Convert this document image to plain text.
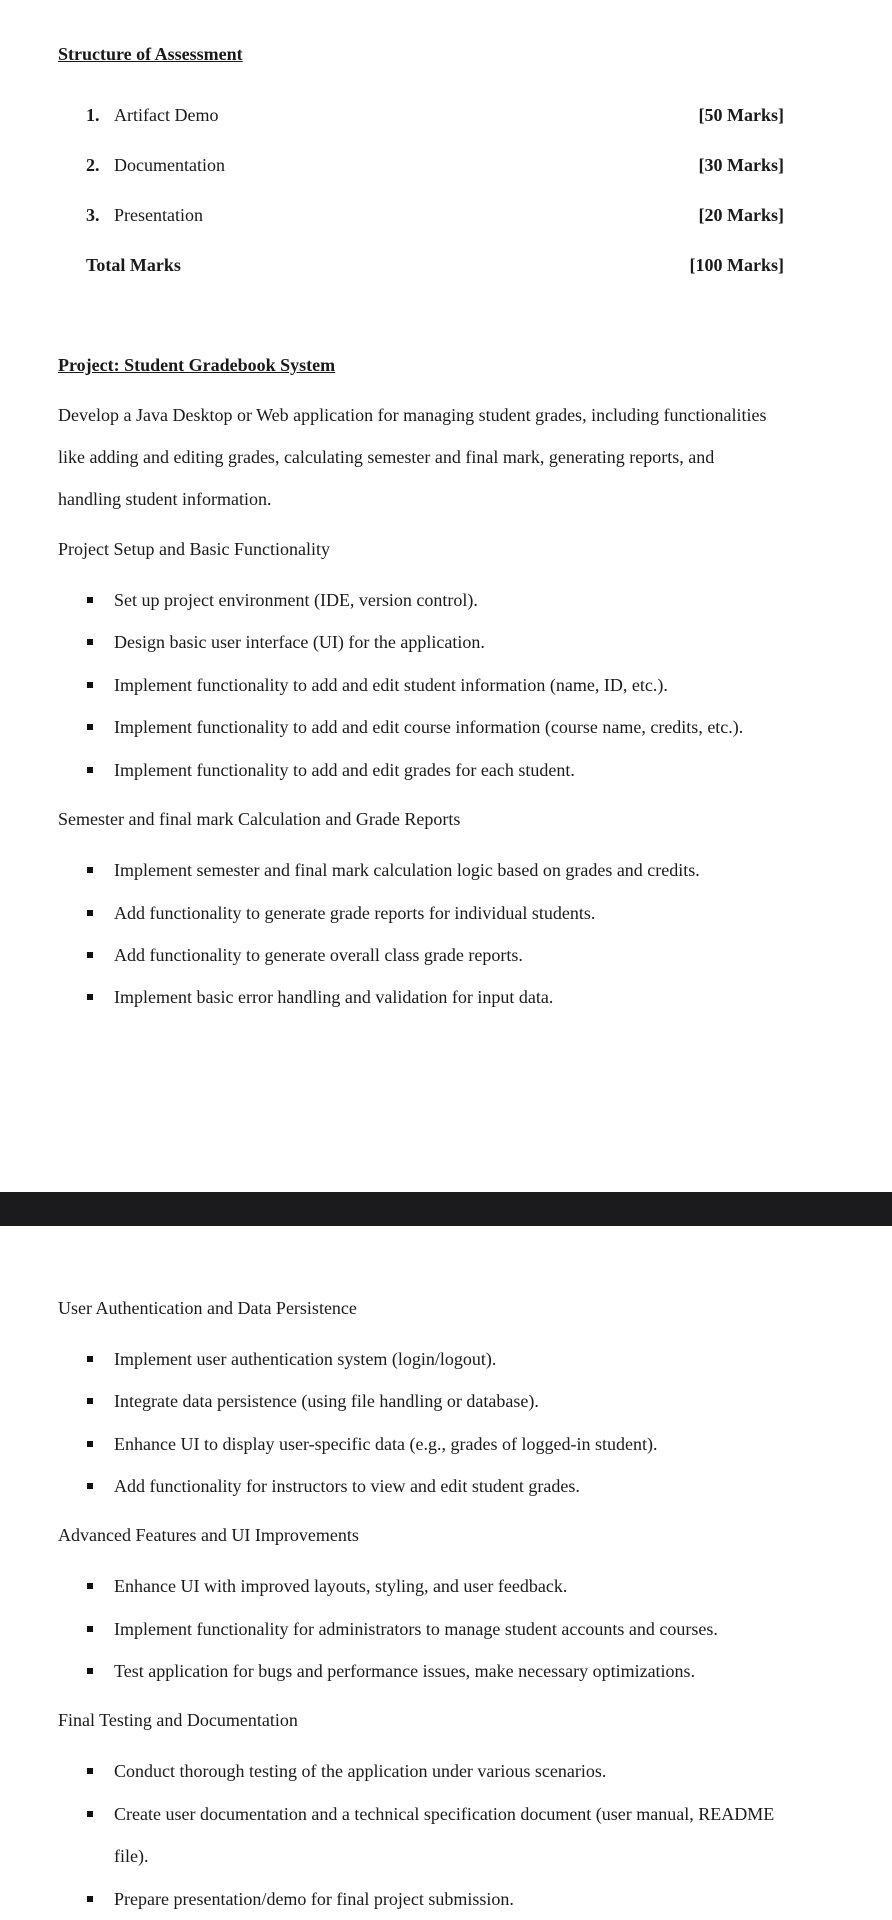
Structure of Assessment
1. Artifact Demo	[50 Marks]
2. Documentation	[30 Marks]
3. Presentation	[20 Marks]
Total Marks	[100 Marks]
Project: Student Gradebook System
Develop a Java Desktop or Web application for managing student grades, including functionalities
like adding and editing grades, calculating semester and final mark, generating reports, and
handling student information.
Project Setup and Basic Functionality
Set up project environment (IDE, version control).
Design basic user interface (UI) for the application.
Implement functionality to add and edit student information (name, ID, etc.).
Implement functionality to add and edit course information (course name, credits, etc.).
Implement functionality to add and edit grades for each student.
Semester and final mark Calculation and Grade Reports
Implement semester and final mark calculation logic based on grades and credits.
Add functionality to generate grade reports for individual students.
Add functionality to generate overall class grade reports.
Implement basic error handling and validation for input data.
User Authentication and Data Persistence
Implement user authentication system (login/logout).
Integrate data persistence (using file handling or database).
Enhance UI to display user-specific data (e.g., grades of logged-in student).
Add functionality for instructors to view and edit student grades.
Advanced Features and UI Improvements
Enhance UI with improved layouts, styling, and user feedback.
Implement functionality for administrators to manage student accounts and courses.
Test application for bugs and performance issues, make necessary optimizations.
Final Testing and Documentation
Conduct thorough testing of the application under various scenarios.
Create user documentation and a technical specification document (user manual, README
file).
Prepare presentation/demo for final project submission.
